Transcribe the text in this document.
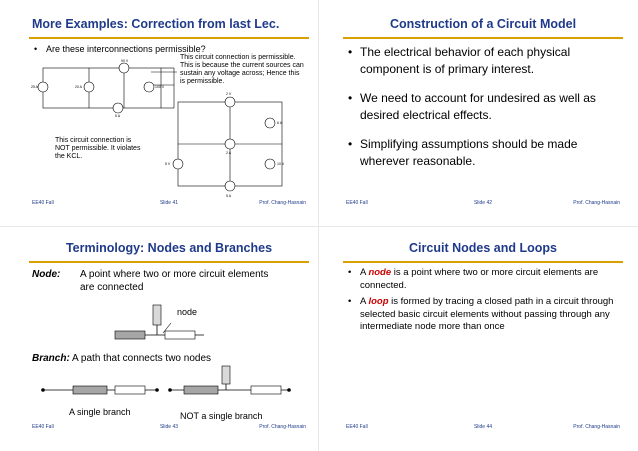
More Examples: Correction from last Lec.
• Are these interconnections permissible?
This circuit connection is permissible. This is because the current sources can sustain any voltage across; Hence this is permissible.
This circuit connection is NOT permissible. It violates the KCL.
90 V
25 A	20 A	100 V
5 A
2 V
6 A
2 A
5 V	10 V
5 A
EE40 Fall	Slide 41	Prof. Chang-Hasnain
Construction of a Circuit Model
• The electrical behavior of each physical component is of primary interest.
• We need to account for undesired as well as desired electrical effects.
• Simplifying assumptions should be made wherever reasonable.
EE40 Fall	Slide 42	Prof. Chang-Hasnain
Terminology: Nodes and Branches
Node: A point where two or more circuit elements are connected
Branch: A path that connects two nodes
node
A single branch	NOT a single branch
EE40 Fall	Slide 43	Prof. Chang-Hasnain
Circuit Nodes and Loops
• A node is a point where two or more circuit elements are connected.
• A loop is formed by tracing a closed path in a circuit through selected basic circuit elements without passing through any intermediate node more than once
EE40 Fall	Slide 44	Prof. Chang-Hasnain
